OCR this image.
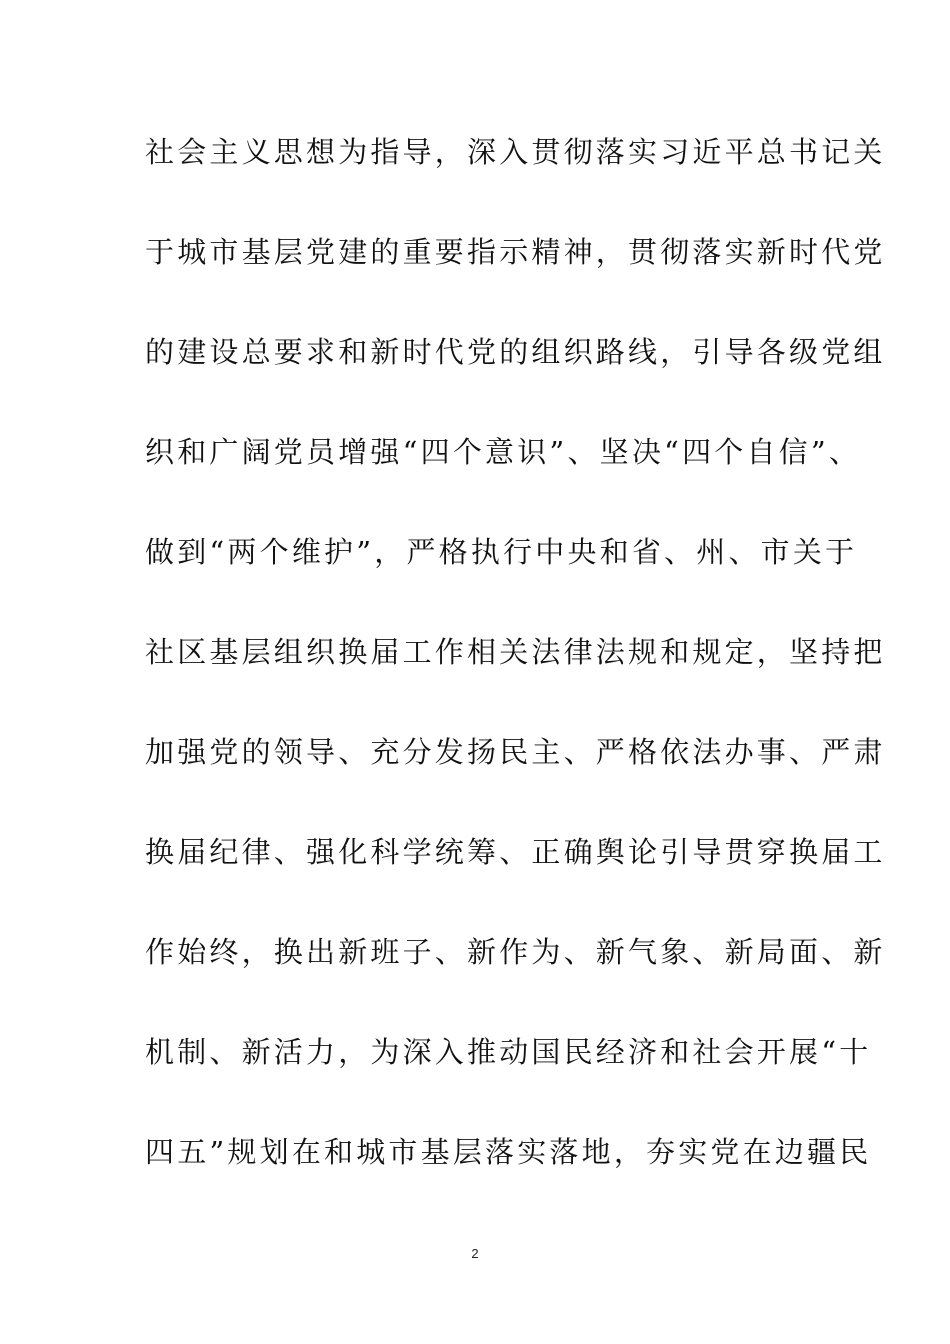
社会主义思想为指导，深入贯彻落实习近平总书记关
于城市基层党建的重要指示精神，贯彻落实新时代党
的建设总要求和新时代党的组织路线，引导各级党组
织和广阔党员增强“四个意识”、坚决“四个自信”、
做到“两个维护”，严格执行中央和省、州、市关于
社区基层组织换届工作相关法律法规和规定，坚持把
加强党的领导、充分发扬民主、严格依法办事、严肃
换届纪律、强化科学统筹、正确舆论引导贯穿换届工
作始终，换出新班子、新作为、新气象、新局面、新
机制、新活力，为深入推动国民经济和社会开展“十
四五”规划在和城市基层落实落地，夯实党在边疆民
2
